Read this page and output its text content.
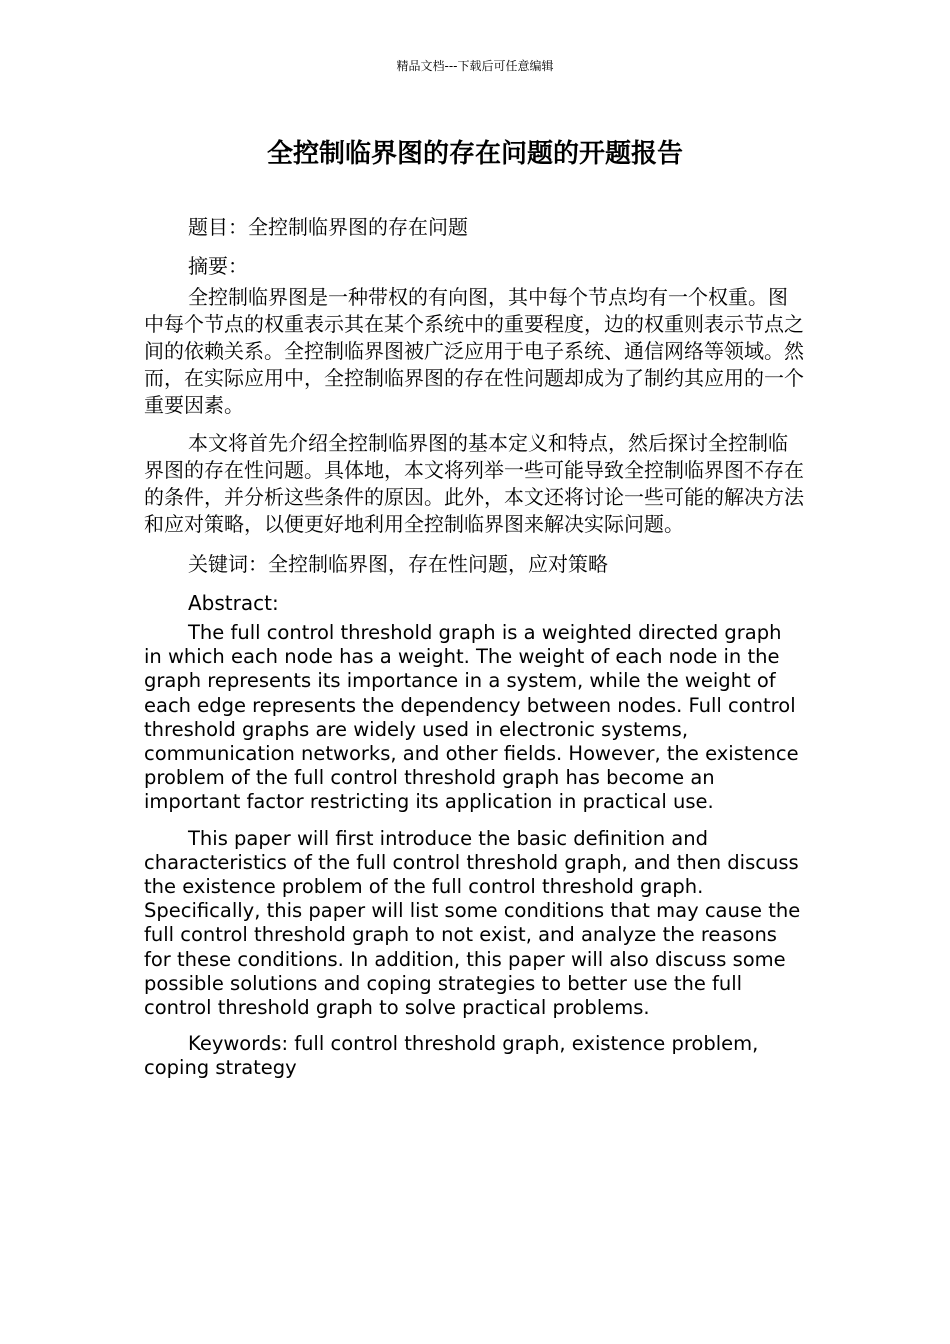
精品文档---下载后可任意编辑
全控制临界图的存在问题的开题报告

题目：全控制临界图的存在问题

摘要：

全控制临界图是一种带权的有向图，其中每个节点均有一个权重。图中每个节点的权重表示其在某个系统中的重要程度，边的权重则表示节点之间的依赖关系。全控制临界图被广泛应用于电子系统、通信网络等领域。然而，在实际应用中，全控制临界图的存在性问题却成为了制约其应用的一个重要因素。

本文将首先介绍全控制临界图的基本定义和特点，然后探讨全控制临界图的存在性问题。具体地，本文将列举一些可能导致全控制临界图不存在的条件，并分析这些条件的原因。此外，本文还将讨论一些可能的解决方法和应对策略，以便更好地利用全控制临界图来解决实际问题。

关键词：全控制临界图，存在性问题，应对策略

Abstract:

The full control threshold graph is a weighted directed graph in which each node has a weight. The weight of each node in the graph represents its importance in a system, while the weight of each edge represents the dependency between nodes. Full control threshold graphs are widely used in electronic systems, communication networks, and other fields. However, the existence problem of the full control threshold graph has become an important factor restricting its application in practical use.

This paper will first introduce the basic definition and characteristics of the full control threshold graph, and then discuss the existence problem of the full control threshold graph. Specifically, this paper will list some conditions that may cause the full control threshold graph to not exist, and analyze the reasons for these conditions. In addition, this paper will also discuss some possible solutions and coping strategies to better use the full control threshold graph to solve practical problems.

Keywords: full control threshold graph, existence problem, coping strategy
